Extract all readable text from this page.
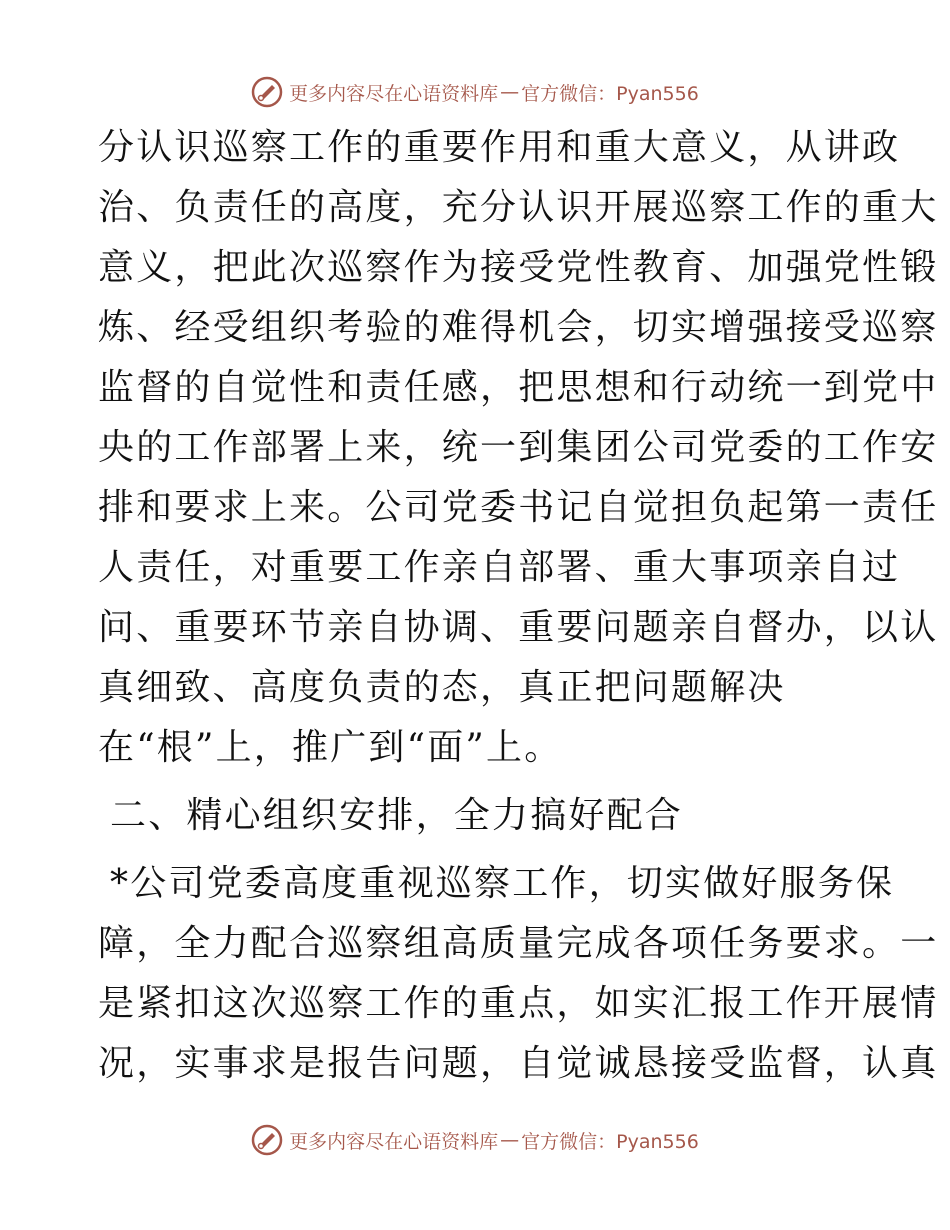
更多内容尽在心语资料库 — 官方微信：Pyan556
分认识巡察工作的重要作用和重大意义，从讲政
治、负责任的高度，充分认识开展巡察工作的重大
意义，把此次巡察作为接受党性教育、加强党性锻
炼、经受组织考验的难得机会，切实增强接受巡察
监督的自觉性和责任感，把思想和行动统一到党中
央的工作部署上来，统一到集团公司党委的工作安
排和要求上来。公司党委书记自觉担负起第一责任
人责任，对重要工作亲自部署、重大事项亲自过
问、重要环节亲自协调、重要问题亲自督办，以认
真细致、高度负责的态，真正把问题解决
在“根”上，推广到“面”上。
二、精心组织安排，全力搞好配合
*公司党委高度重视巡察工作，切实做好服务保
障，全力配合巡察组高质量完成各项任务要求。一
是紧扣这次巡察工作的重点，如实汇报工作开展情
况，实事求是报告问题，自觉诚恳接受监督，认真
更多内容尽在心语资料库 — 官方微信：Pyan556
